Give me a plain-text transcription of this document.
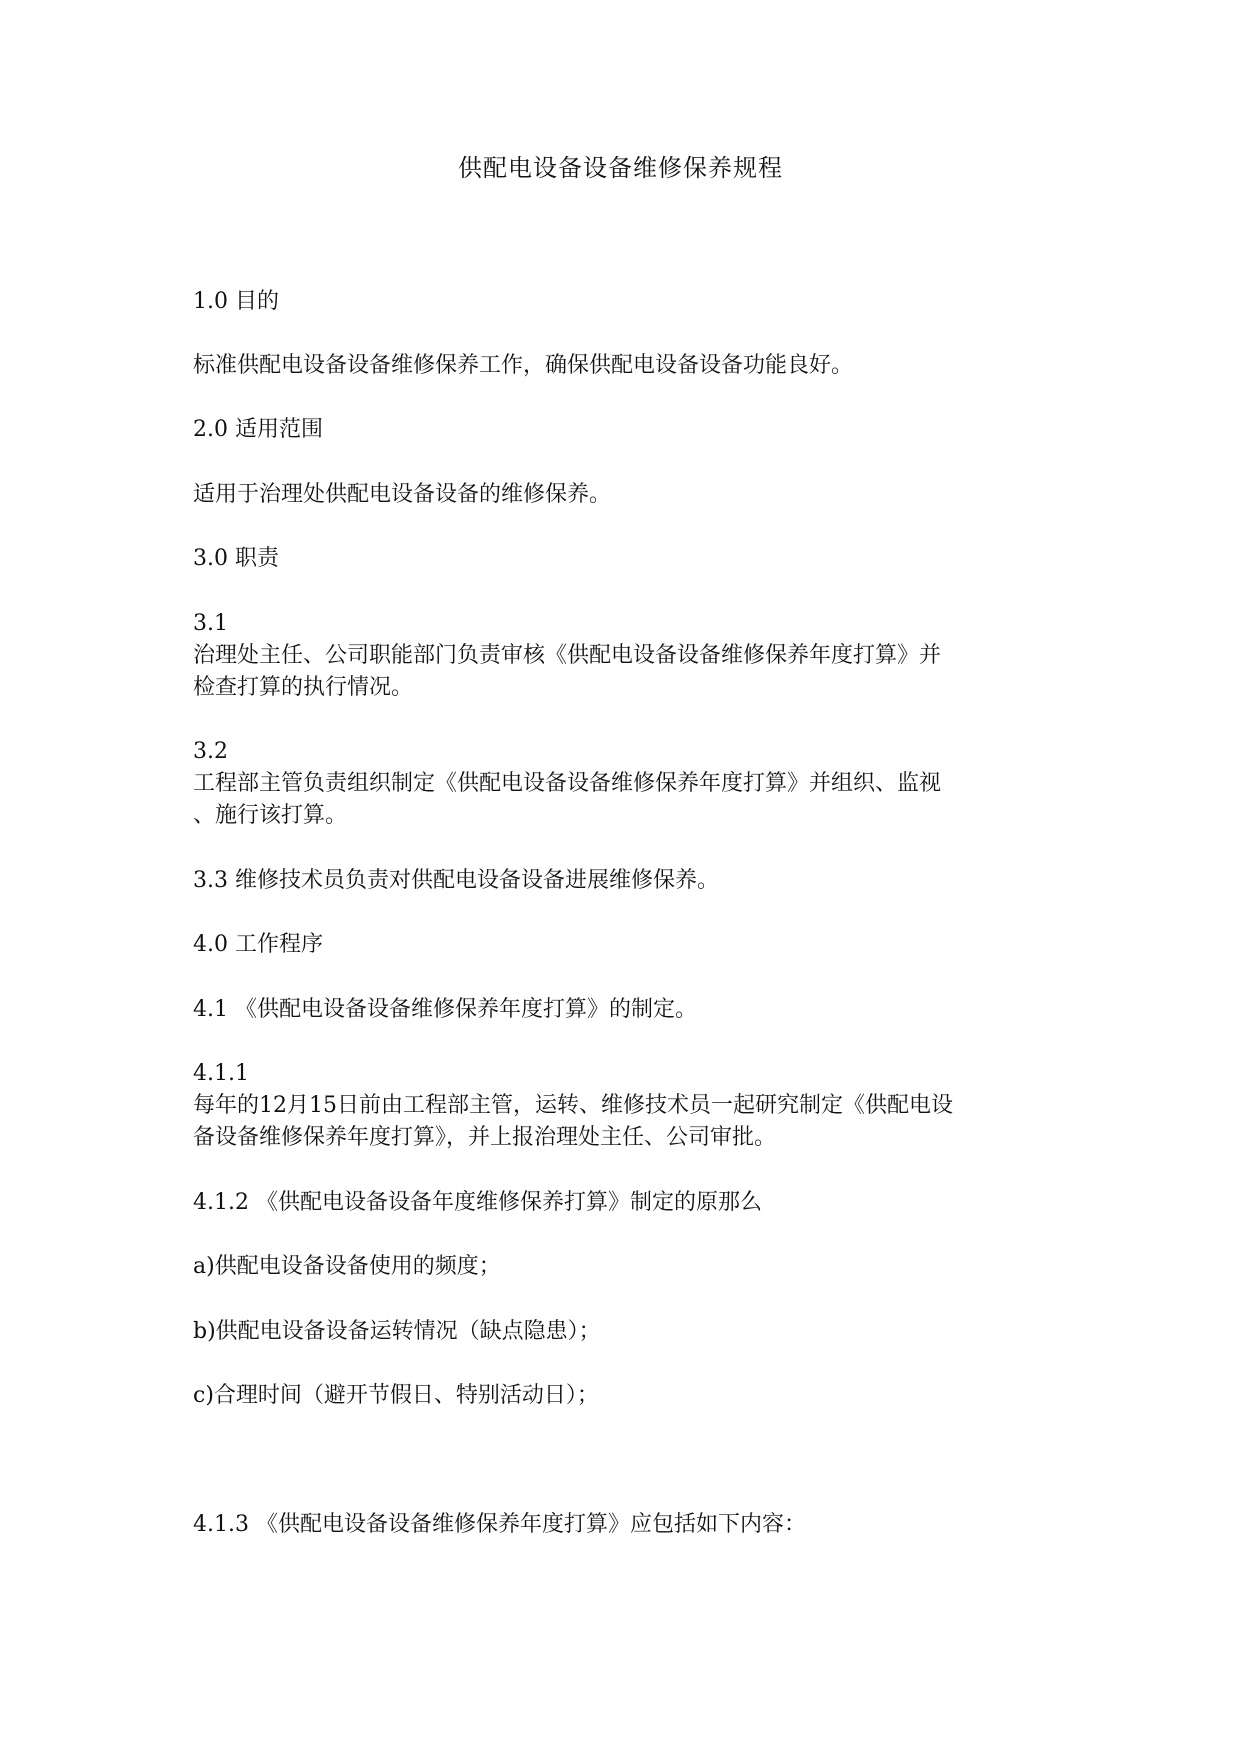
供配电设备设备维修保养规程
1.0 目的
标准供配电设备设备维修保养工作，确保供配电设备设备功能良好。
2.0 适用范围
适用于治理处供配电设备设备的维修保养。
3.0 职责
3.1
治理处主任、公司职能部门负责审核《供配电设备设备维修保养年度打算》并
检查打算的执行情况。
3.2
工程部主管负责组织制定《供配电设备设备维修保养年度打算》并组织、监视
、施行该打算。
3.3 维修技术员负责对供配电设备设备进展维修保养。
4.0 工作程序
4.1 《供配电设备设备维修保养年度打算》的制定。
4.1.1
每年的12月15日前由工程部主管，运转、维修技术员一起研究制定《供配电设
备设备维修保养年度打算》，并上报治理处主任、公司审批。
4.1.2 《供配电设备设备年度维修保养打算》制定的原那么
a)供配电设备设备使用的频度；
b)供配电设备设备运转情况（缺点隐患）；
c)合理时间（避开节假日、特别活动日）；
4.1.3 《供配电设备设备维修保养年度打算》应包括如下内容：
